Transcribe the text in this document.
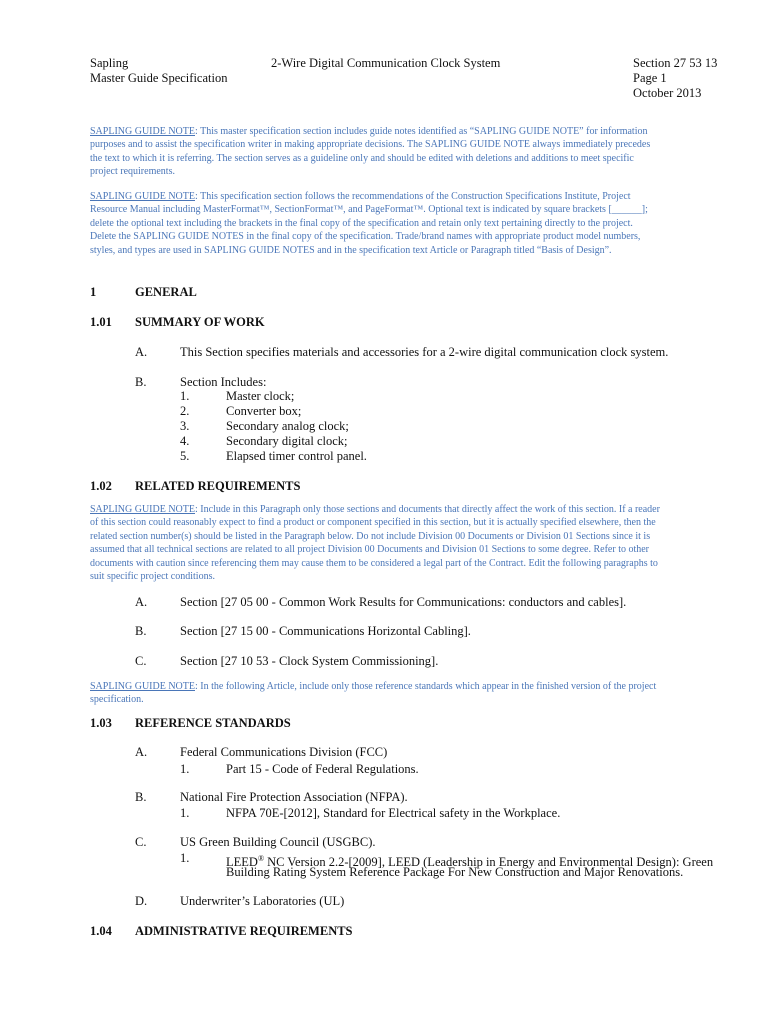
Sapling
Master Guide Specification
2-Wire Digital Communication Clock System	Section 27 53 13
Page 1
October 2013
SAPLING GUIDE NOTE: This master specification section includes guide notes identified as “SAPLING GUIDE NOTE” for information
purposes and to assist the specification writer in making appropriate decisions. The SAPLING GUIDE NOTE always immediately precedes
the text to which it is referring. The section serves as a guideline only and should be edited with deletions and additions to meet specific
project requirements.
SAPLING GUIDE NOTE: This specification section follows the recommendations of the Construction Specifications Institute, Project
Resource Manual including MasterFormat™, SectionFormat™, and PageFormat™. Optional text is indicated by square brackets [______];
delete the optional text including the brackets in the final copy of the specification and retain only text pertaining directly to the project.
Delete the SAPLING GUIDE NOTES in the final copy of the specification. Trade/brand names with appropriate product model numbers,
styles, and types are used in SAPLING GUIDE NOTES and in the specification text Article or Paragraph titled “Basis of Design”.
1	GENERAL
1.01 SUMMARY OF WORK
A.	This Section specifies materials and accessories for a 2-wire digital communication clock system.
B.	Section Includes:
1.	Master clock;
2.	Converter box;
3.	Secondary analog clock;
4.	Secondary digital clock;
5.	Elapsed timer control panel.
1.02 RELATED REQUIREMENTS
SAPLING GUIDE NOTE: Include in this Paragraph only those sections and documents that directly affect the work of this section. If a reader
of this section could reasonably expect to find a product or component specified in this section, but it is actually specified elsewhere, then the
related section number(s) should be listed in the Paragraph below. Do not include Division 00 Documents or Division 01 Sections since it is
assumed that all technical sections are related to all project Division 00 Documents and Division 01 Sections to some degree. Refer to other
documents with caution since referencing them may cause them to be considered a legal part of the Contract. Edit the following paragraphs to
suit specific project conditions.
A.	Section [27 05 00 - Common Work Results for Communications: conductors and cables].
B.	Section [27 15 00 - Communications Horizontal Cabling].
C.	Section [27 10 53 - Clock System Commissioning].
SAPLING GUIDE NOTE: In the following Article, include only those reference standards which appear in the finished version of the project
specification.
1.03 REFERENCE STANDARDS
A.	Federal Communications Division (FCC)
1.	Part 15 - Code of Federal Regulations.
B.	National Fire Protection Association (NFPA).
1.	NFPA 70E-[2012], Standard for Electrical safety in the Workplace.
C.	US Green Building Council (USGBC).
1.	LEED® NC Version 2.2-[2009], LEED (Leadership in Energy and Environmental Design): Green
Building Rating System Reference Package For New Construction and Major Renovations.
D.	Underwriter’s Laboratories (UL)
1.04 ADMINISTRATIVE REQUIREMENTS
